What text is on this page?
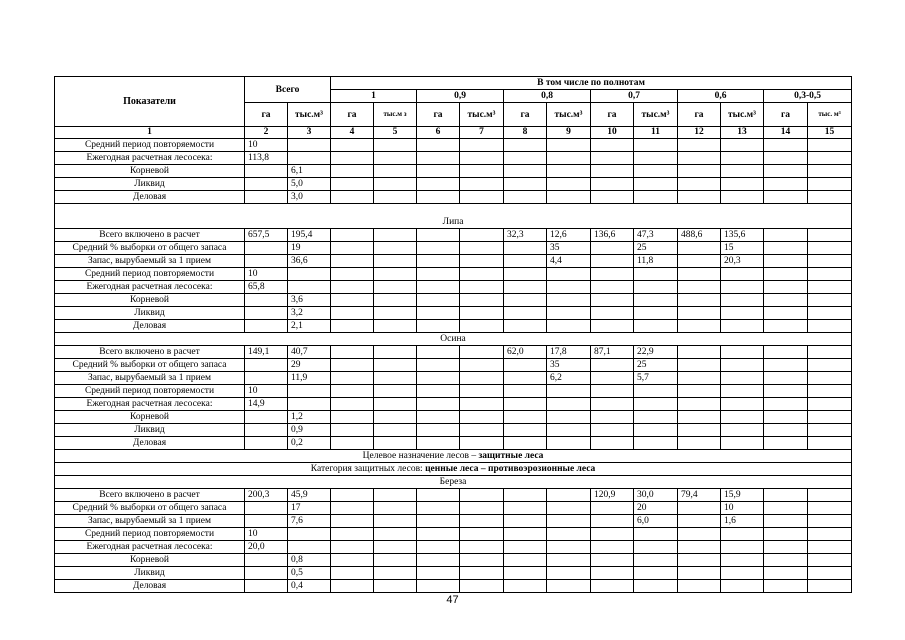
Показатели	Всего		В том числе по полнотам											
			1		0,9		0,8		0,7		0,6		0,3-0,5	
	га	тыс.м³	га	тыс.м з	га	тыс.м³	га	тыс.м³	га	тыс.м³	га	тыс.м³	га	тыс. м³
1	2	3	4	5	6	7	8	9	10	11	12	13	14	15
Средний период повторяемости	10													
Ежегодная расчетная лесосека:	113,8													
Корневой		6,1												
Ликвид		5,0												
Деловая		3,0												
Липа														
Всего включено в расчет	657,5	195,4					32,3	12,6	136,6	47,3	488,6	135,6		
Средний % выборки от общего запаса		19						35		25		15		
Запас, вырубаемый за 1 прием		36,6						4,4		11,8		20,3		
Средний период повторяемости	10													
Ежегодная расчетная лесосека:	65,8													
Корневой		3,6												
Ликвид		3,2												
Деловая		2,1												
Осина														
Всего включено в расчет	149,1	40,7					62,0	17,8	87,1	22,9				
Средний % выборки от общего запаса		29						35		25				
Запас, вырубаемый за 1 прием		11,9						6,2		5,7				
Средний период повторяемости	10													
Ежегодная расчетная лесосека:	14,9													
Корневой		1,2												
Ликвид		0,9												
Деловая		0,2												
Целевое назначение лесов – защитные леса														
Категория защитных лесов: ценные леса – противоэрозионные леса														
Береза														
Всего включено в расчет	200,3	45,9							120,9	30,0	79,4	15,9		
Средний % выборки от общего запаса		17								20		10		
Запас, вырубаемый за 1 прием		7,6								6,0		1,6		
Средний период повторяемости	10													
Ежегодная расчетная лесосека:	20,0													
Корневой		0,8												
Ликвид		0,5												
Деловая		0,4												
47
